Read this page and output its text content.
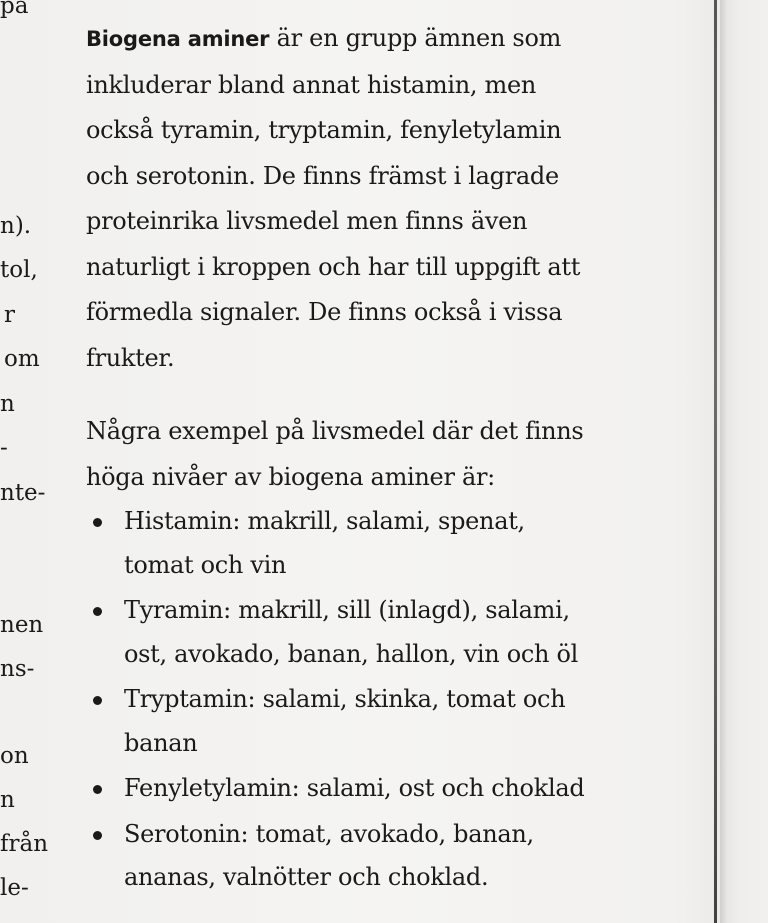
pa
n).
tol,
r
om
n
-
nte-
nen
ns-
on
n
från
le-

Biogena aminer är en grupp ämnen som
inkluderar bland annat histamin, men
också tyramin, tryptamin, fenyletylamin
och serotonin. De finns främst i lagrade
proteinrika livsmedel men finns även
naturligt i kroppen och har till uppgift att
förmedla signaler. De finns också i vissa
frukter.

Några exempel på livsmedel där det finns
höga nivåer av biogena aminer är:

Histamin: makrill, salami, spenat,
tomat och vin
Tyramin: makrill, sill (inlagd), salami,
ost, avokado, banan, hallon, vin och öl
Tryptamin: salami, skinka, tomat och
banan
Fenyletylamin: salami, ost och choklad
Serotonin: tomat, avokado, banan,
ananas, valnötter och choklad.
